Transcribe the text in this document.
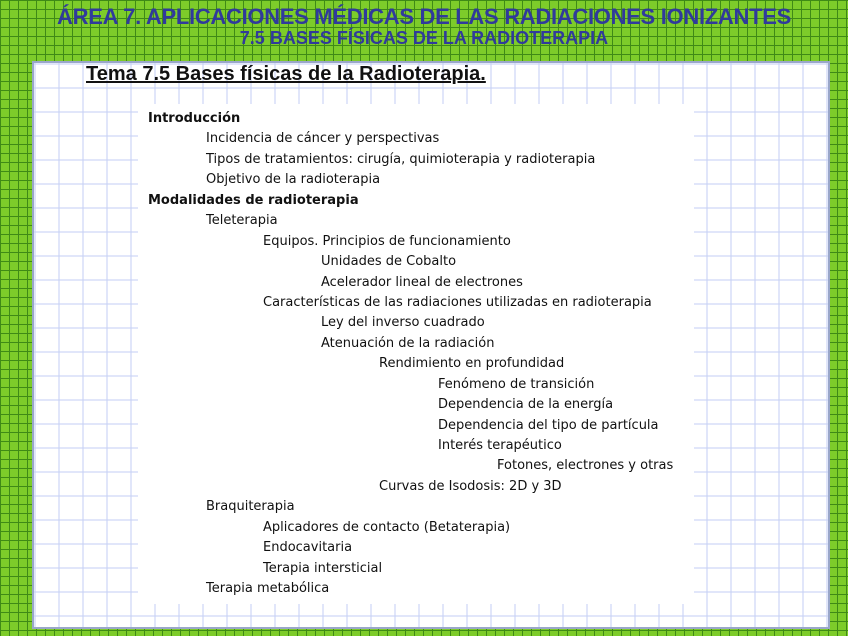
ÁREA 7. APLICACIONES MÉDICAS DE LAS RADIACIONES IONIZANTES
7.5 BASES FÍSICAS DE LA RADIOTERAPIA
Tema 7.5 Bases físicas de la Radioterapia.
Introducción
Incidencia de cáncer y perspectivas
Tipos de tratamientos: cirugía, quimioterapia y radioterapia
Objetivo de la radioterapia
Modalidades de radioterapia
Teleterapia
Equipos. Principios de funcionamiento
Unidades de Cobalto
Acelerador lineal de electrones
Características de las radiaciones utilizadas en radioterapia
Ley del inverso cuadrado
Atenuación de la radiación
Rendimiento en profundidad
Fenómeno de transición
Dependencia de la energía
Dependencia del tipo de partícula
Interés terapéutico
Fotones, electrones y otras
Curvas de Isodosis: 2D y 3D
Braquiterapia
Aplicadores de contacto (Betaterapia)
Endocavitaria
Terapia intersticial
Terapia metabólica
